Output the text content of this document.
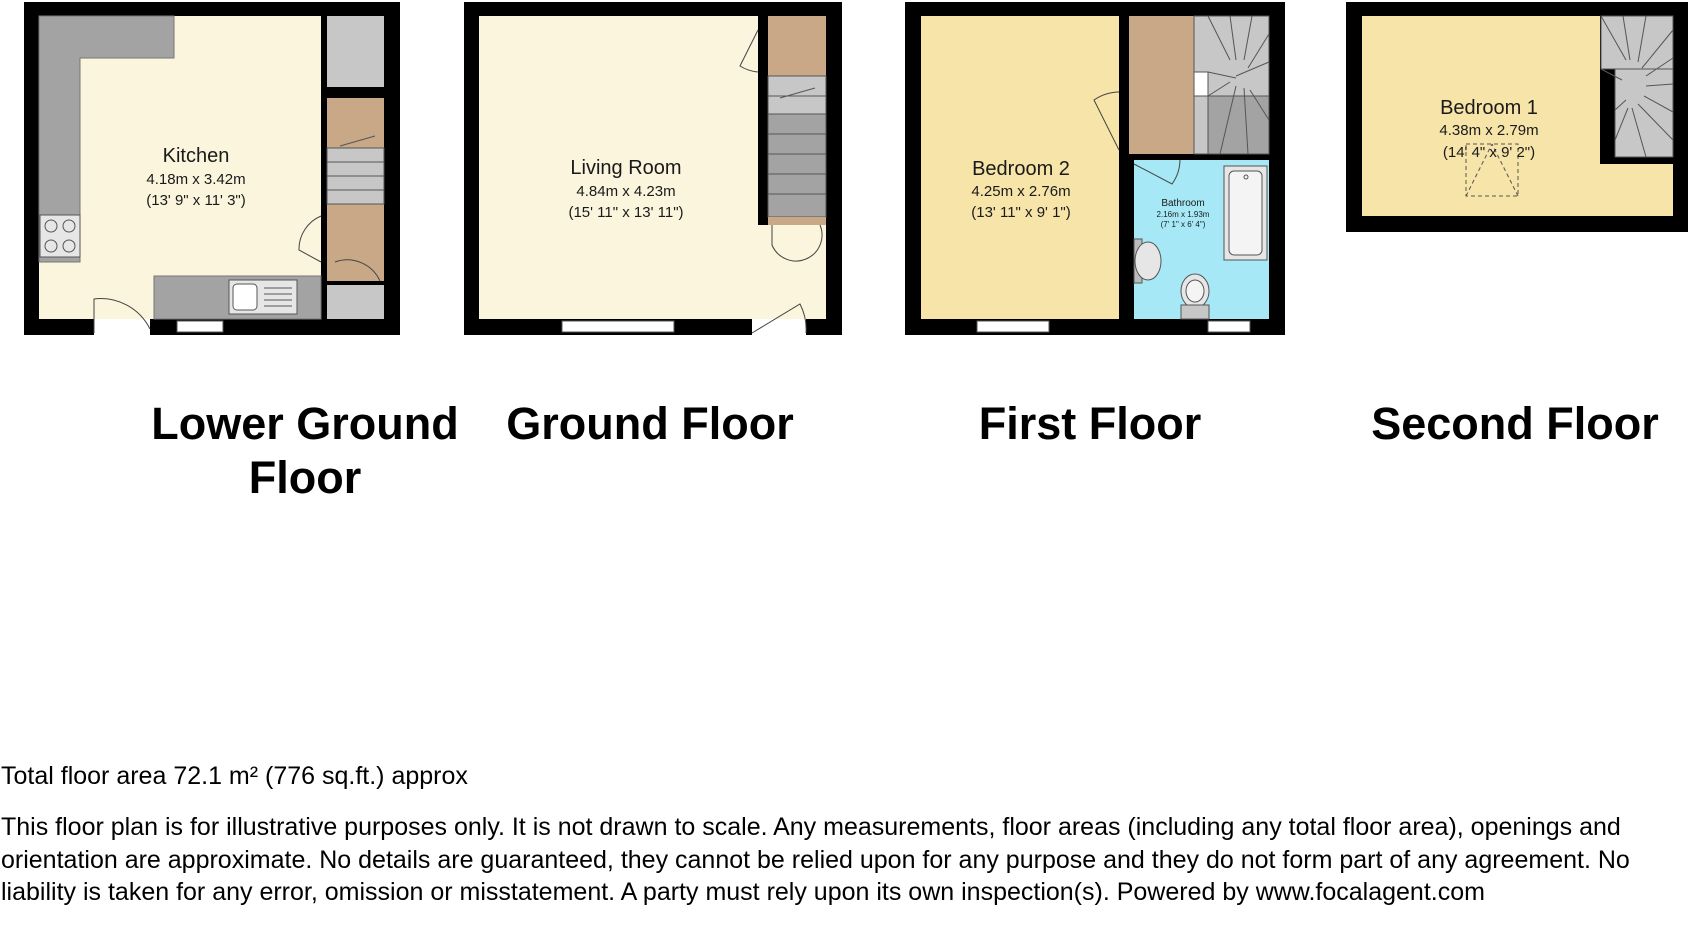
Kitchen
4.18m x 3.42m
(13' 9" x 11' 3")
Living Room
4.84m x 4.23m
(15' 11" x 13' 11")
Bedroom 2
4.25m x 2.76m
(13' 11" x 9' 1")
Bathroom
2.16m x 1.93m
(7' 1" x 6' 4")
Bedroom 1
4.38m x 2.79m
(14' 4" x 9' 2")
Lower Ground Floor
Ground Floor	First Floor	Second Floor
Total floor area 72.1 m² (776 sq.ft.) approx
This floor plan is for illustrative purposes only. It is not drawn to scale. Any measurements, floor areas (including any total floor area), openings and orientation are approximate. No details are guaranteed, they cannot be relied upon for any purpose and they do not form part of any agreement. No liability is taken for any error, omission or misstatement. A party must rely upon its own inspection(s). Powered by www.focalagent.com
